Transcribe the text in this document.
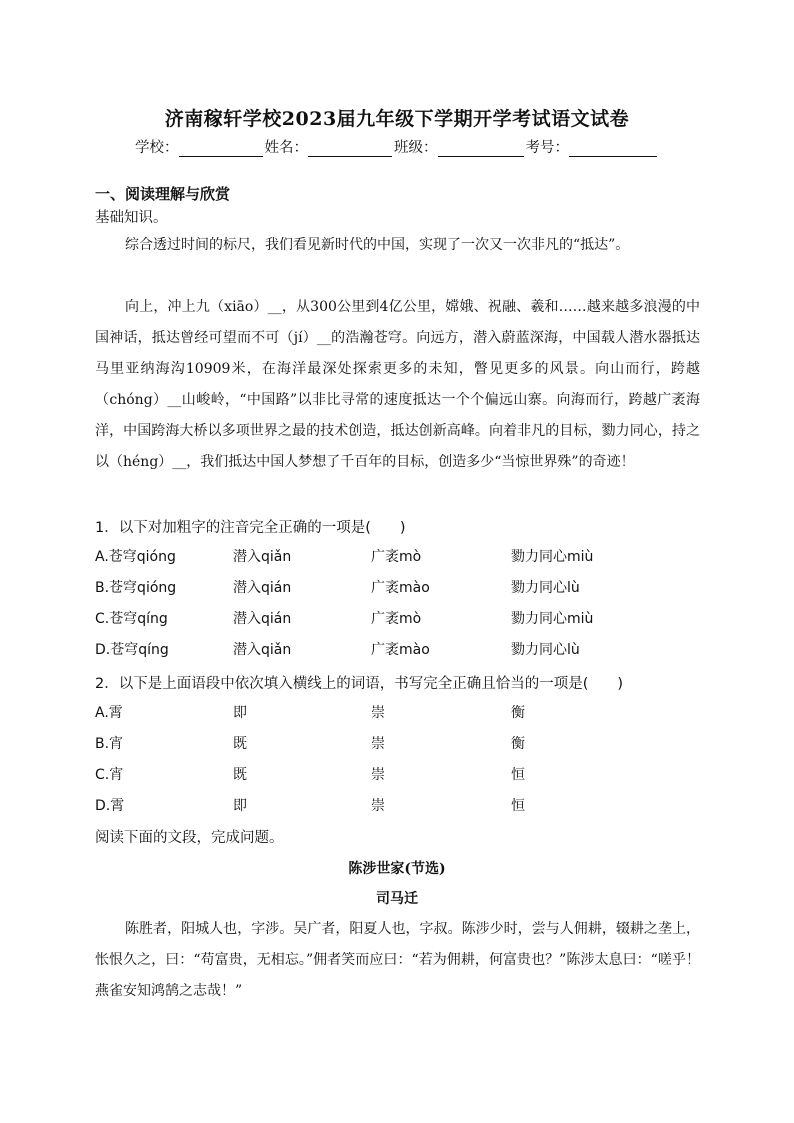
济南稼轩学校2023届九年级下学期开学考试语文试卷
学校：	姓名：	班级：	考号：
一、阅读理解与欣赏
基础知识。

综合透过时间的标尺，我们看见新时代的中国，实现了一次又一次非凡的“抵达”。

向上，冲上九（xiāo）__，从300公里到4亿公里，嫦娥、祝融、羲和……越来越多浪漫的中国神话，抵达曾经可望而不可（jí）__的浩瀚苍穹。向远方，潜入蔚蓝深海，中国载人潜水器抵达马里亚纳海沟10909米，在海洋最深处探索更多的未知，瞥见更多的风景。向山而行，跨越（chóng）__山峻岭，“中国路”以非比寻常的速度抵达一个个偏远山寨。向海而行，跨越广袤海洋，中国跨海大桥以多项世界之最的技术创造，抵达创新高峰。向着非凡的目标，勠力同心，持之以（héng）__，我们抵达中国人梦想了千百年的目标，创造多少“当惊世界殊”的奇迹！

1．以下对加粗字的注音完全正确的一项是(　　)
A.苍穹qióng	潜入qiǎn	广袤mò	勠力同心miù
B.苍穹qióng	潜入qián	广袤mào	勠力同心lù
C.苍穹qíng	潜入qián	广袤mò	勠力同心miù
D.苍穹qíng	潜入qiǎn	广袤mào	勠力同心lù
2．以下是上面语段中依次填入横线上的词语，书写完全正确且恰当的一项是(　　)
A.霄	即	崇	衡
B.宵	既	崇	衡
C.宵	既	崇	恒
D.霄	即	崇	恒
阅读下面的文段，完成问题。
陈涉世家(节选)
司马迁

陈胜者，阳城人也，字涉。吴广者，阳夏人也，字叔。陈涉少时，尝与人佣耕，辍耕之垄上，怅恨久之，曰：“苟富贵，无相忘。”佣者笑而应曰：“若为佣耕，何富贵也？”陈涉太息曰：“嗟乎！燕雀安知鸿鹄之志哉！”
